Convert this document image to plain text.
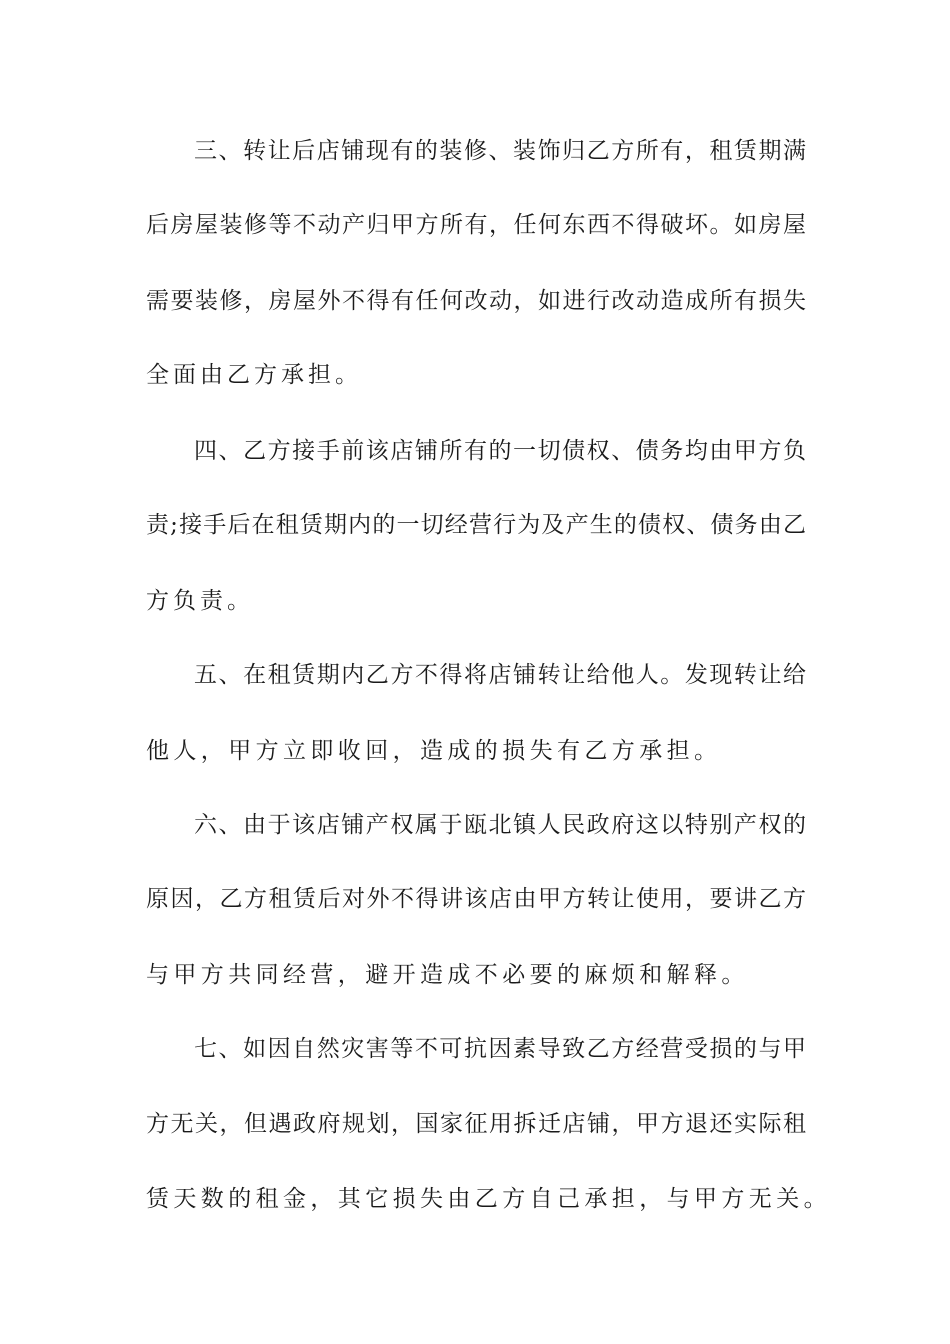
三、转让后店铺现有的装修、装饰归乙方所有，租赁期满
后房屋装修等不动产归甲方所有，任何东西不得破坏。如房屋
需要装修，房屋外不得有任何改动，如进行改动造成所有损失
全面由乙方承担。
四、乙方接手前该店铺所有的一切债权、债务均由甲方负
责;接手后在租赁期内的一切经营行为及产生的债权、债务由乙
方负责。
五、在租赁期内乙方不得将店铺转让给他人。发现转让给
他人，甲方立即收回，造成的损失有乙方承担。
六、由于该店铺产权属于瓯北镇人民政府这以特别产权的
原因，乙方租赁后对外不得讲该店由甲方转让使用，要讲乙方
与甲方共同经营，避开造成不必要的麻烦和解释。
七、如因自然灾害等不可抗因素导致乙方经营受损的与甲
方无关，但遇政府规划，国家征用拆迁店铺，甲方退还实际租
赁天数的租金，其它损失由乙方自己承担，与甲方无关。
